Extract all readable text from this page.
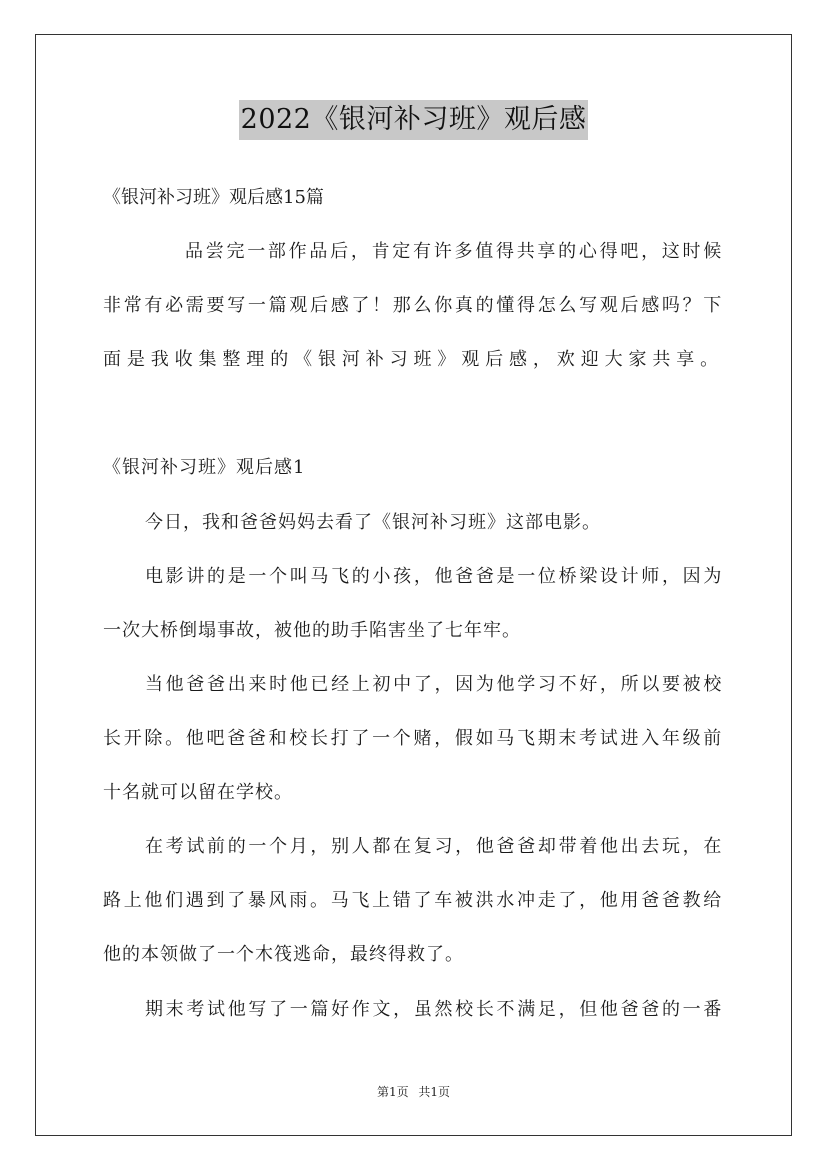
2022《银河补习班》观后感
《银河补习班》观后感15篇
品尝完一部作品后，肯定有许多值得共享的心得吧，这时候
非常有必需要写一篇观后感了！那么你真的懂得怎么写观后感吗？下
面是我收集整理的《银河补习班》观后感，欢迎大家共享。
《银河补习班》观后感1
今日，我和爸爸妈妈去看了《银河补习班》这部电影。
电影讲的是一个叫马飞的小孩，他爸爸是一位桥梁设计师，因为
一次大桥倒塌事故，被他的助手陷害坐了七年牢。
当他爸爸出来时他已经上初中了，因为他学习不好，所以要被校
长开除。他吧爸爸和校长打了一个赌，假如马飞期末考试进入年级前
十名就可以留在学校。
在考试前的一个月，别人都在复习，他爸爸却带着他出去玩，在
路上他们遇到了暴风雨。马飞上错了车被洪水冲走了，他用爸爸教给
他的本领做了一个木筏逃命，最终得救了。
期末考试他写了一篇好作文，虽然校长不满足，但他爸爸的一番
第1页 共1页
